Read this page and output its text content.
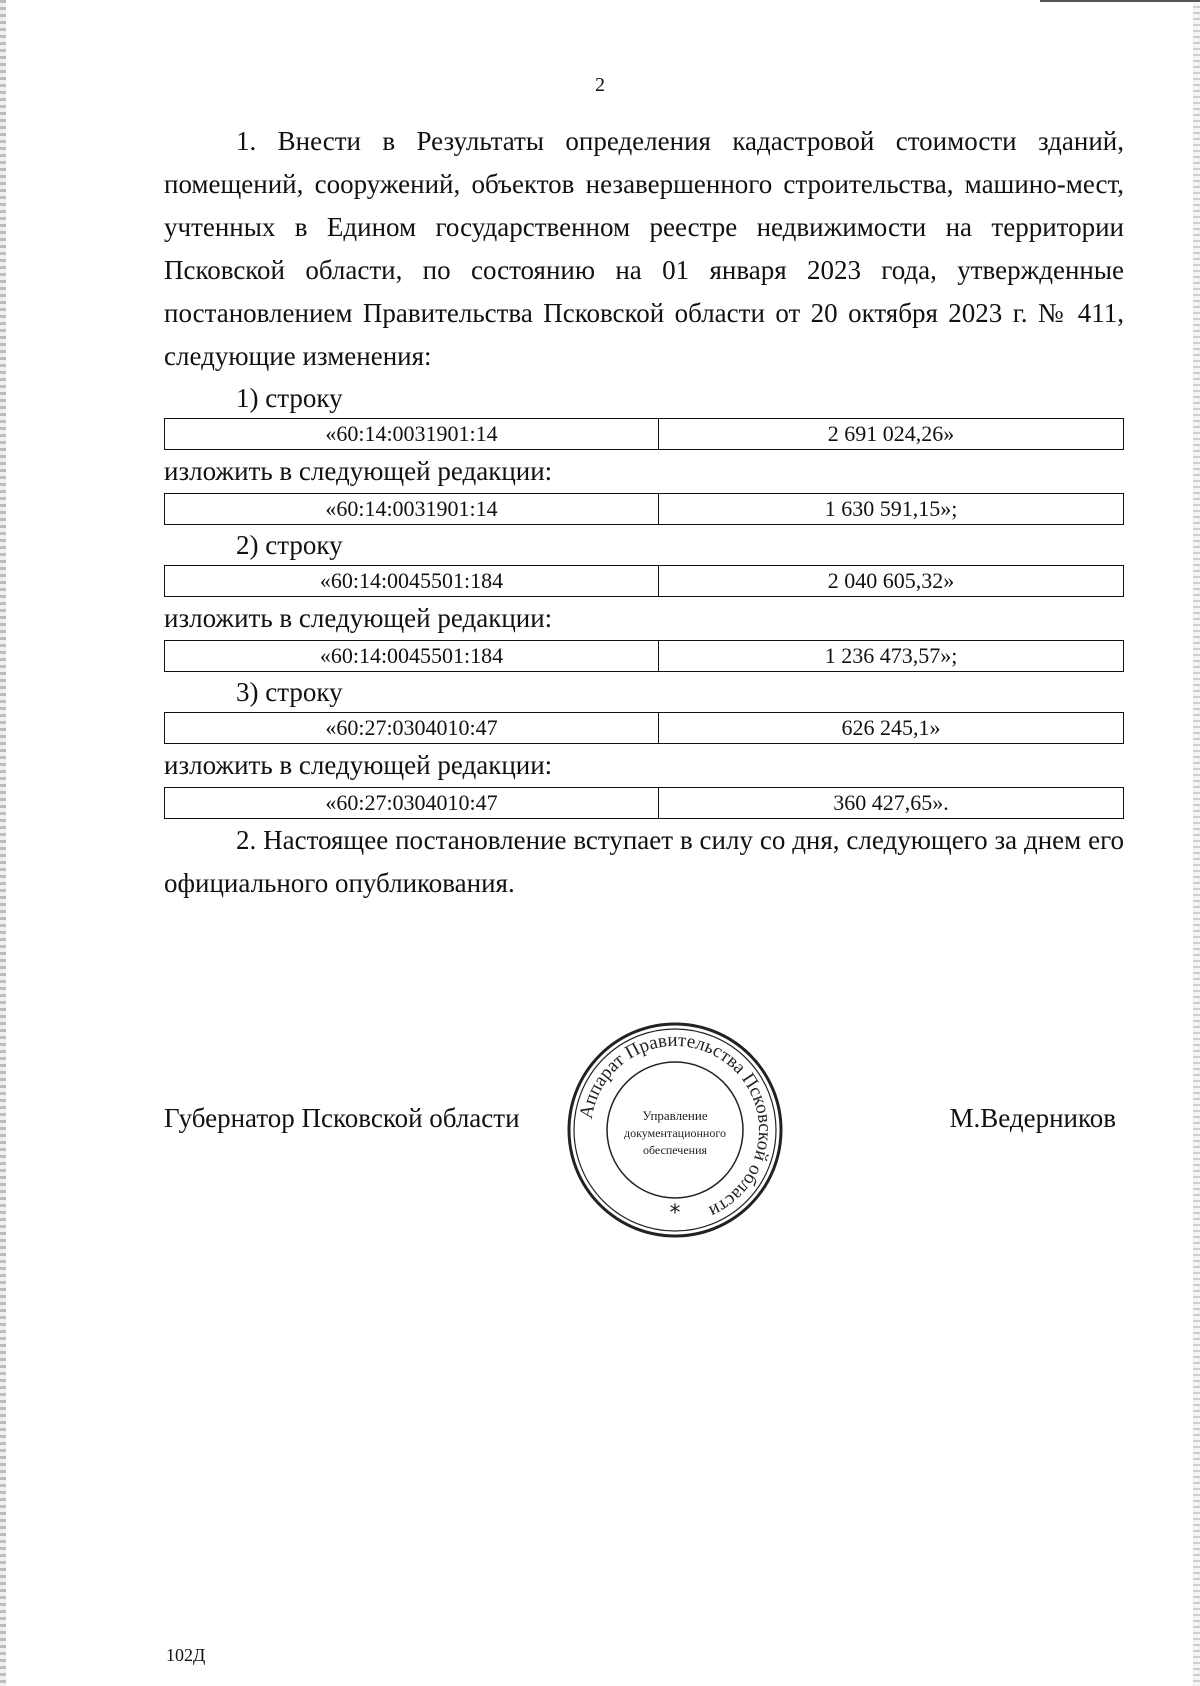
2

1. Внести в Результаты определения кадастровой стоимости зданий, помещений, сооружений, объектов незавершенного строительства, машино-мест, учтенных в Едином государственном реестре недвижимости на территории Псковской области, по состоянию на 01 января 2023 года, утвержденные постановлением Правительства Псковской области от 20 октября 2023 г. № 411, следующие изменения:

1) строку

«60:14:0031901:14	2 691 024,26»

изложить в следующей редакции:

«60:14:0031901:14	1 630 591,15»;

2) строку

«60:14:0045501:184	2 040 605,32»

изложить в следующей редакции:

«60:14:0045501:184	1 236 473,57»;

3) строку

«60:27:0304010:47	626 245,1»

изложить в следующей редакции:

«60:27:0304010:47	360 427,65».

2. Настоящее постановление вступает в силу со дня, следующего за днем его официального опубликования.

Губернатор Псковской области	М.Ведерников
Аппарат Правительства Псковской области
Управление
документационного
обеспечения
*
102Д
